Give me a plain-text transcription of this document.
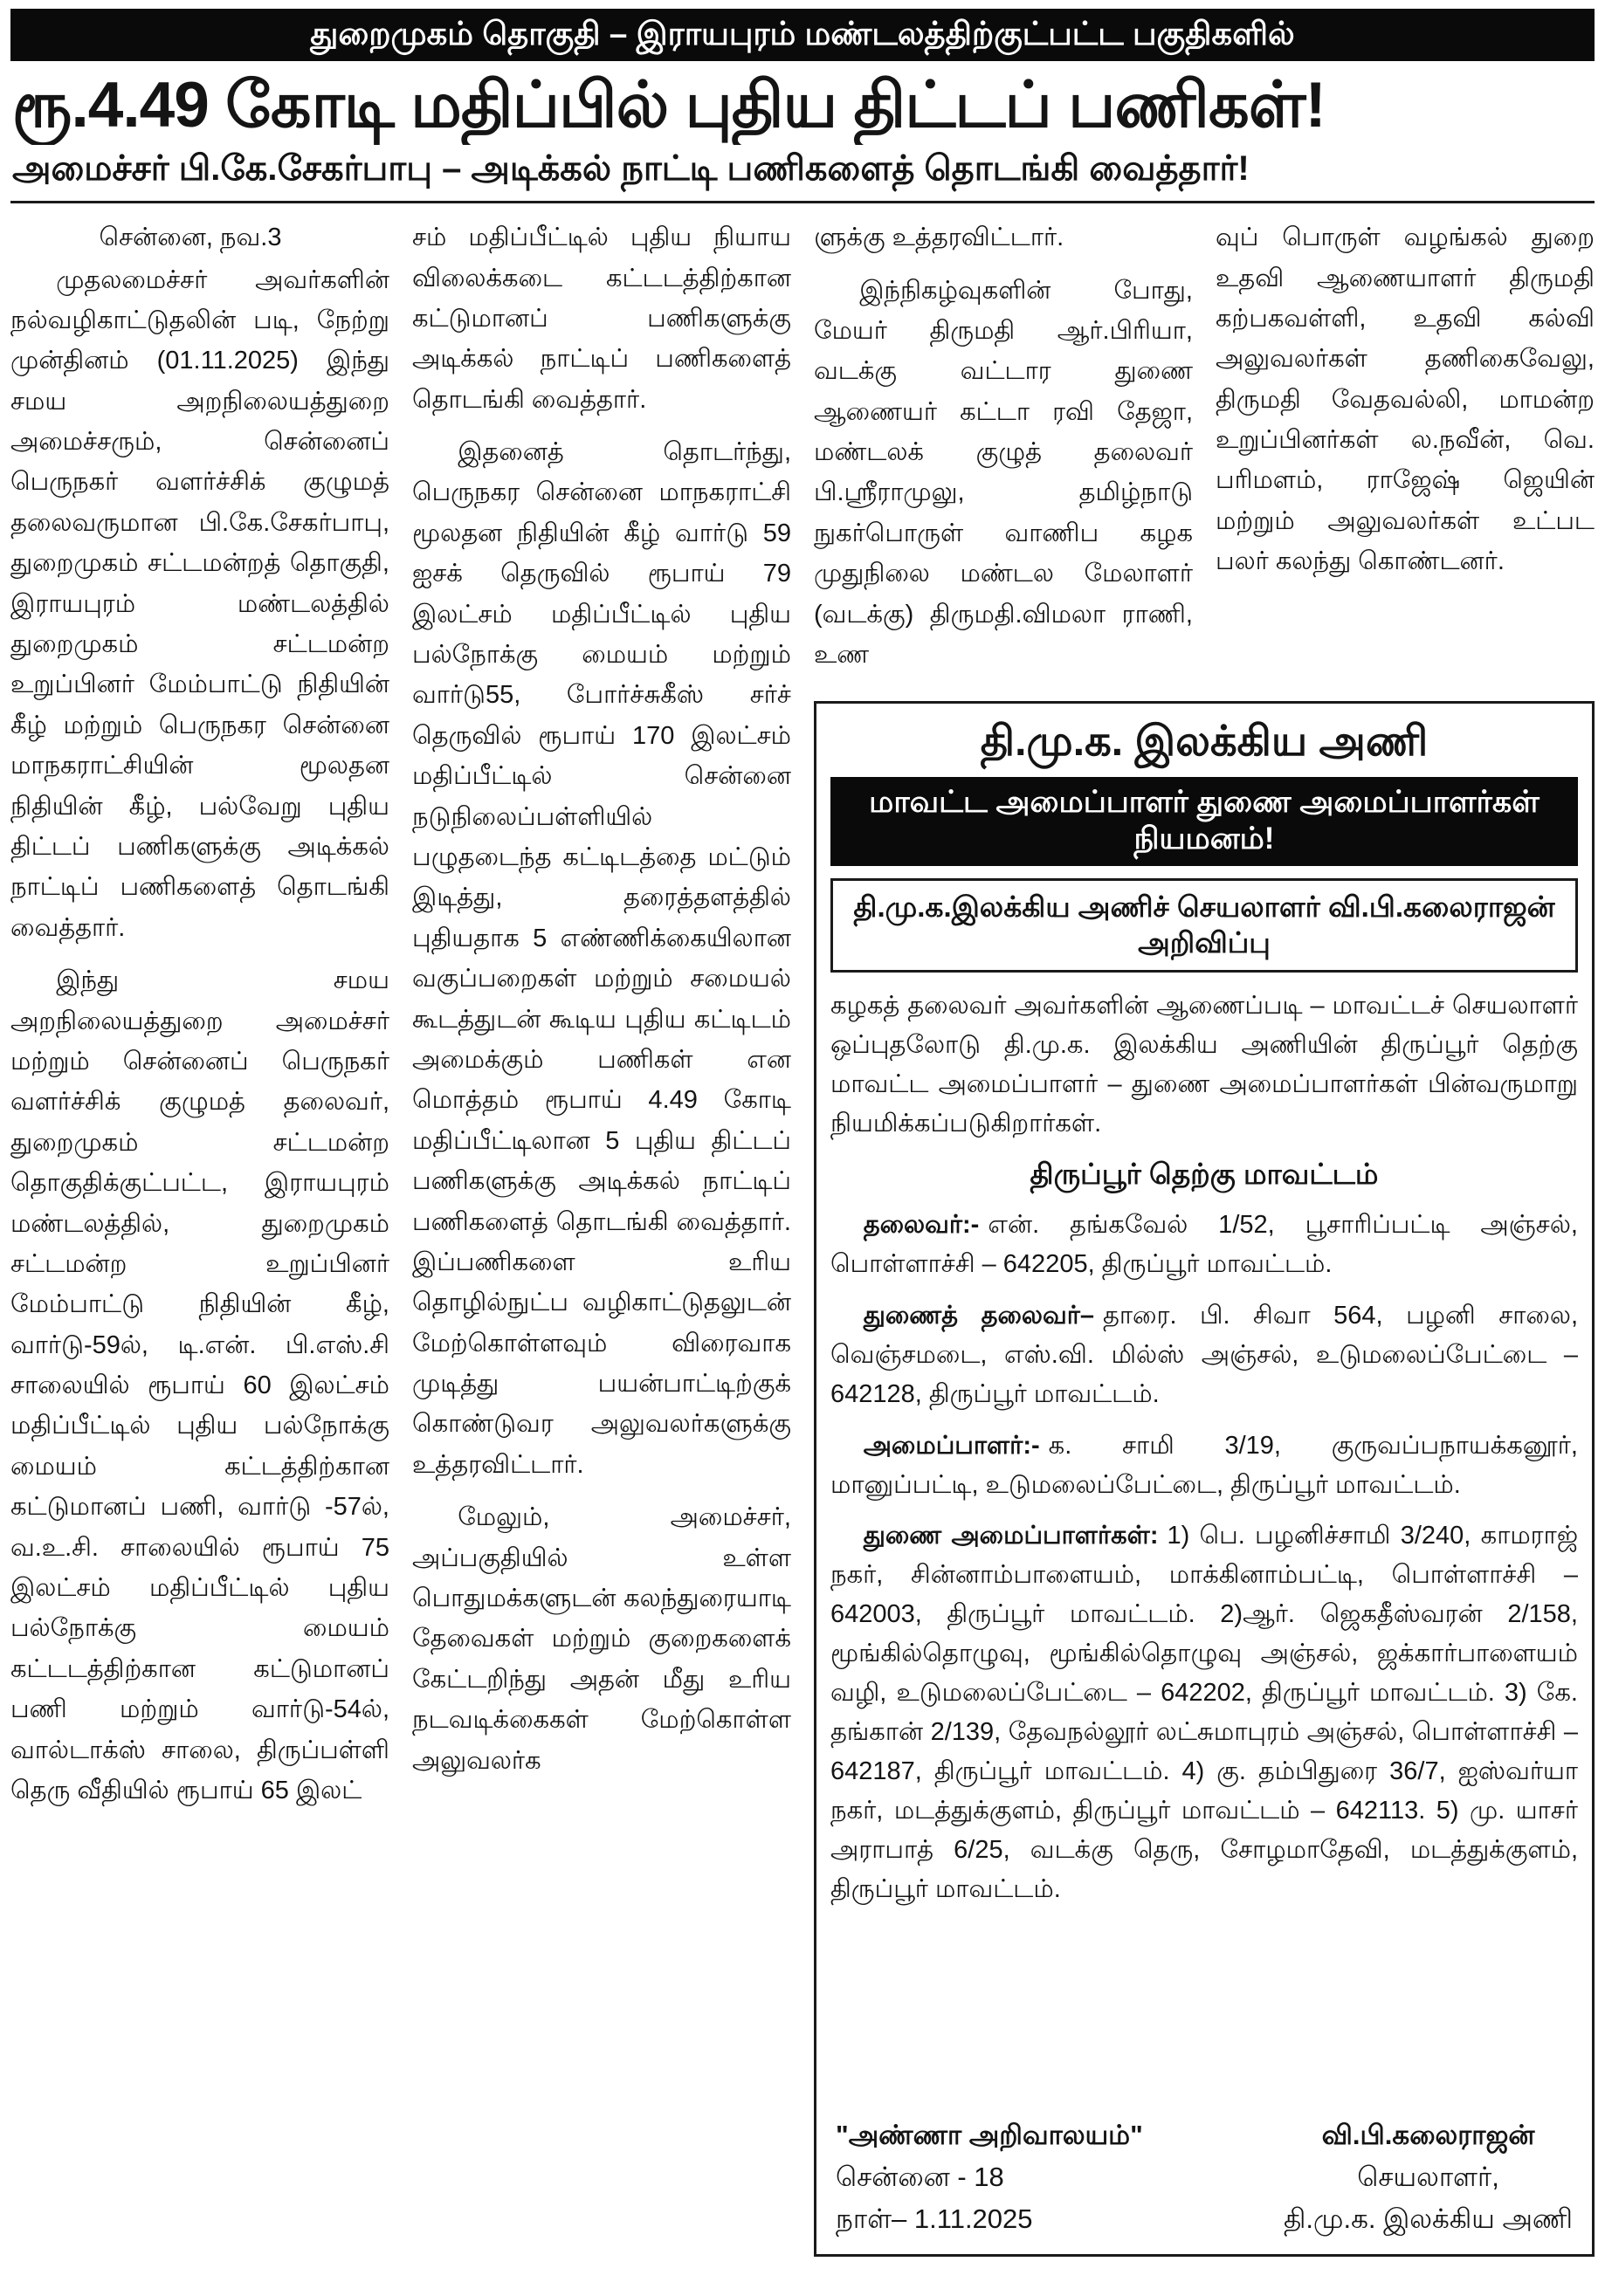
துறைமுகம் தொகுதி – இராயபுரம் மண்டலத்திற்குட்பட்ட பகுதிகளில்
ரூ.4.49 கோடி மதிப்பில் புதிய திட்டப் பணிகள்!
அமைச்சர் பி.கே.சேகர்பாபு – அடிக்கல் நாட்டி பணிகளைத் தொடங்கி வைத்தார்!

சென்னை, நவ.3

முதலமைச்சர் அவர்களின் நல்வழிகாட்டுதலின் படி, நேற்று முன்தினம் (01.11.2025) இந்து சமய அறநிலையத்துறை அமைச்சரும், சென்னைப் பெருநகர் வளர்ச்சிக் குழுமத் தலைவருமான பி.கே.சேகர்பாபு, துறைமுகம் சட்டமன்றத் தொகுதி, இராயபுரம் மண்டலத்தில் துறைமுகம் சட்டமன்ற உறுப்பினர் மேம்பாட்டு நிதியின் கீழ் மற்றும் பெருநகர சென்னை மாநகராட்சியின் மூலதன நிதியின் கீழ், பல்வேறு புதிய திட்டப் பணிகளுக்கு அடிக்கல் நாட்டிப் பணிகளைத் தொடங்கி வைத்தார்.

இந்து சமய அறநிலையத்துறை அமைச்சர் மற்றும் சென்னைப் பெருநகர் வளர்ச்சிக் குழுமத் தலைவர், துறைமுகம் சட்டமன்ற தொகுதிக்குட்பட்ட, இராயபுரம் மண்டலத்தில், துறைமுகம் சட்டமன்ற உறுப்பினர் மேம்பாட்டு நிதியின் கீழ், வார்டு-59ல், டி.என். பி.எஸ்.சி சாலையில் ரூபாய் 60 இலட்சம் மதிப்பீட்டில் புதிய பல்நோக்கு மையம் கட்டத்திற்கான கட்டுமானப் பணி, வார்டு -57ல், வ.உ.சி. சாலையில் ரூபாய் 75 இலட்சம் மதிப்பீட்டில் புதிய பல்நோக்கு மையம் கட்டடத்திற்கான கட்டுமானப் பணி மற்றும் வார்டு-54ல், வால்டாக்ஸ் சாலை, திருப்பள்ளி தெரு வீதியில் ரூபாய் 65 இலட்

சம் மதிப்பீட்டில் புதிய நியாய விலைக்கடை கட்டடத்திற்கான கட்டுமானப் பணிகளுக்கு அடிக்கல் நாட்டிப் பணிகளைத் தொடங்கி வைத்தார்.

இதனைத் தொடர்ந்து, பெருநகர சென்னை மாநகராட்சி மூலதன நிதியின் கீழ் வார்டு 59 ஐசக் தெருவில் ரூபாய் 79 இலட்சம் மதிப்பீட்டில் புதிய பல்நோக்கு மையம் மற்றும் வார்டு55, போர்ச்சுகீஸ் சர்ச் தெருவில் ரூபாய் 170 இலட்சம் மதிப்பீட்டில் சென்னை நடுநிலைப்பள்ளியில் பழுதடைந்த கட்டிடத்தை மட்டும் இடித்து, தரைத்தளத்தில் புதியதாக 5 எண்ணிக்கையிலான வகுப்பறைகள் மற்றும் சமையல் கூடத்துடன் கூடிய புதிய கட்டிடம் அமைக்கும் பணிகள் என மொத்தம் ரூபாய் 4.49 கோடி மதிப்பீட்டிலான 5 புதிய திட்டப் பணிகளுக்கு அடிக்கல் நாட்டிப் பணிகளைத் தொடங்கி வைத்தார். இப்பணிகளை உரிய தொழில்நுட்ப வழிகாட்டுதலுடன் மேற்கொள்ளவும் விரைவாக முடித்து பயன்பாட்டிற்குக் கொண்டுவர அலுவலர்களுக்கு உத்தரவிட்டார்.

மேலும், அமைச்சர், அப்பகுதியில் உள்ள பொதுமக்களுடன் கலந்துரையாடி தேவைகள் மற்றும் குறைகளைக் கேட்டறிந்து அதன் மீது உரிய நடவடிக்கைகள் மேற்கொள்ள அலுவலர்க

ளுக்கு உத்தரவிட்டார்.

இந்நிகழ்வுகளின் போது, மேயர் திருமதி ஆர்.பிரியா, வடக்கு வட்டார துணை ஆணையர் கட்டா ரவி தேஜா, மண்டலக் குழுத் தலைவர் பி.ஸ்ரீராமுலு, தமிழ்நாடு நுகர்பொருள் வாணிப கழக முதுநிலை மண்டல மேலாளர் (வடக்கு) திருமதி.விமலா ராணி, உண

வுப் பொருள் வழங்கல் துறை உதவி ஆணையாளர் திருமதி கற்பகவள்ளி, உதவி கல்வி அலுவலர்கள் தணிகைவேலு, திருமதி வேதவல்லி, மாமன்ற உறுப்பினர்கள் ல.நவீன், வெ. பரிமளம், ராஜேஷ் ஜெயின் மற்றும் அலுவலர்கள் உட்பட பலர் கலந்து கொண்டனர்.

தி.மு.க. இலக்கிய அணி
மாவட்ட அமைப்பாளர் துணை அமைப்பாளர்கள் நியமனம்!
தி.மு.க.இலக்கிய அணிச் செயலாளர் வி.பி.கலைராஜன் அறிவிப்பு

கழகத் தலைவர் அவர்களின் ஆணைப்படி – மாவட்டச் செயலாளர் ஒப்புதலோடு தி.மு.க. இலக்கிய அணியின் திருப்பூர் தெற்கு மாவட்ட அமைப்பாளர் – துணை அமைப்பாளர்கள் பின்வருமாறு நியமிக்கப்படுகிறார்கள்.

திருப்பூர் தெற்கு மாவட்டம்

தலைவர்:- என். தங்கவேல் 1/52, பூசாரிப்பட்டி அஞ்சல், பொள்ளாச்சி – 642205, திருப்பூர் மாவட்டம்.

துணைத் தலைவர்– தாரை. பி. சிவா 564, பழனி சாலை, வெஞ்சமடை, எஸ்.வி. மில்ஸ் அஞ்சல், உடுமலைப்பேட்டை – 642128, திருப்பூர் மாவட்டம்.

அமைப்பாளர்:- க. சாமி 3/19, குருவப்பநாயக்கனூர், மானுப்பட்டி, உடுமலைப்பேட்டை, திருப்பூர் மாவட்டம்.

துணை அமைப்பாளர்கள்: 1) பெ. பழனிச்சாமி 3/240, காமராஜ் நகர், சின்னாம்பாளையம், மாக்கினாம்பட்டி, பொள்ளாச்சி – 642003, திருப்பூர் மாவட்டம். 2)ஆர். ஜெகதீஸ்வரன் 2/158, மூங்கில்தொழுவு, மூங்கில்தொழுவு அஞ்சல், ஜக்கார்பாளையம் வழி, உடுமலைப்பேட்டை – 642202, திருப்பூர் மாவட்டம். 3) கே. தங்கான் 2/139, தேவநல்லூர் லட்சுமாபுரம் அஞ்சல், பொள்ளாச்சி – 642187, திருப்பூர் மாவட்டம். 4) கு. தம்பிதுரை 36/7, ஐஸ்வர்யா நகர், மடத்துக்குளம், திருப்பூர் மாவட்டம் – 642113. 5) மு. யாசர் அராபாத் 6/25, வடக்கு தெரு, சோழமாதேவி, மடத்துக்குளம், திருப்பூர் மாவட்டம்.

"அண்ணா அறிவாலயம்"
சென்னை - 18
நாள்– 1.11.2025
வி.பி.கலைராஜன்
செயலாளர்,
தி.மு.க. இலக்கிய அணி
